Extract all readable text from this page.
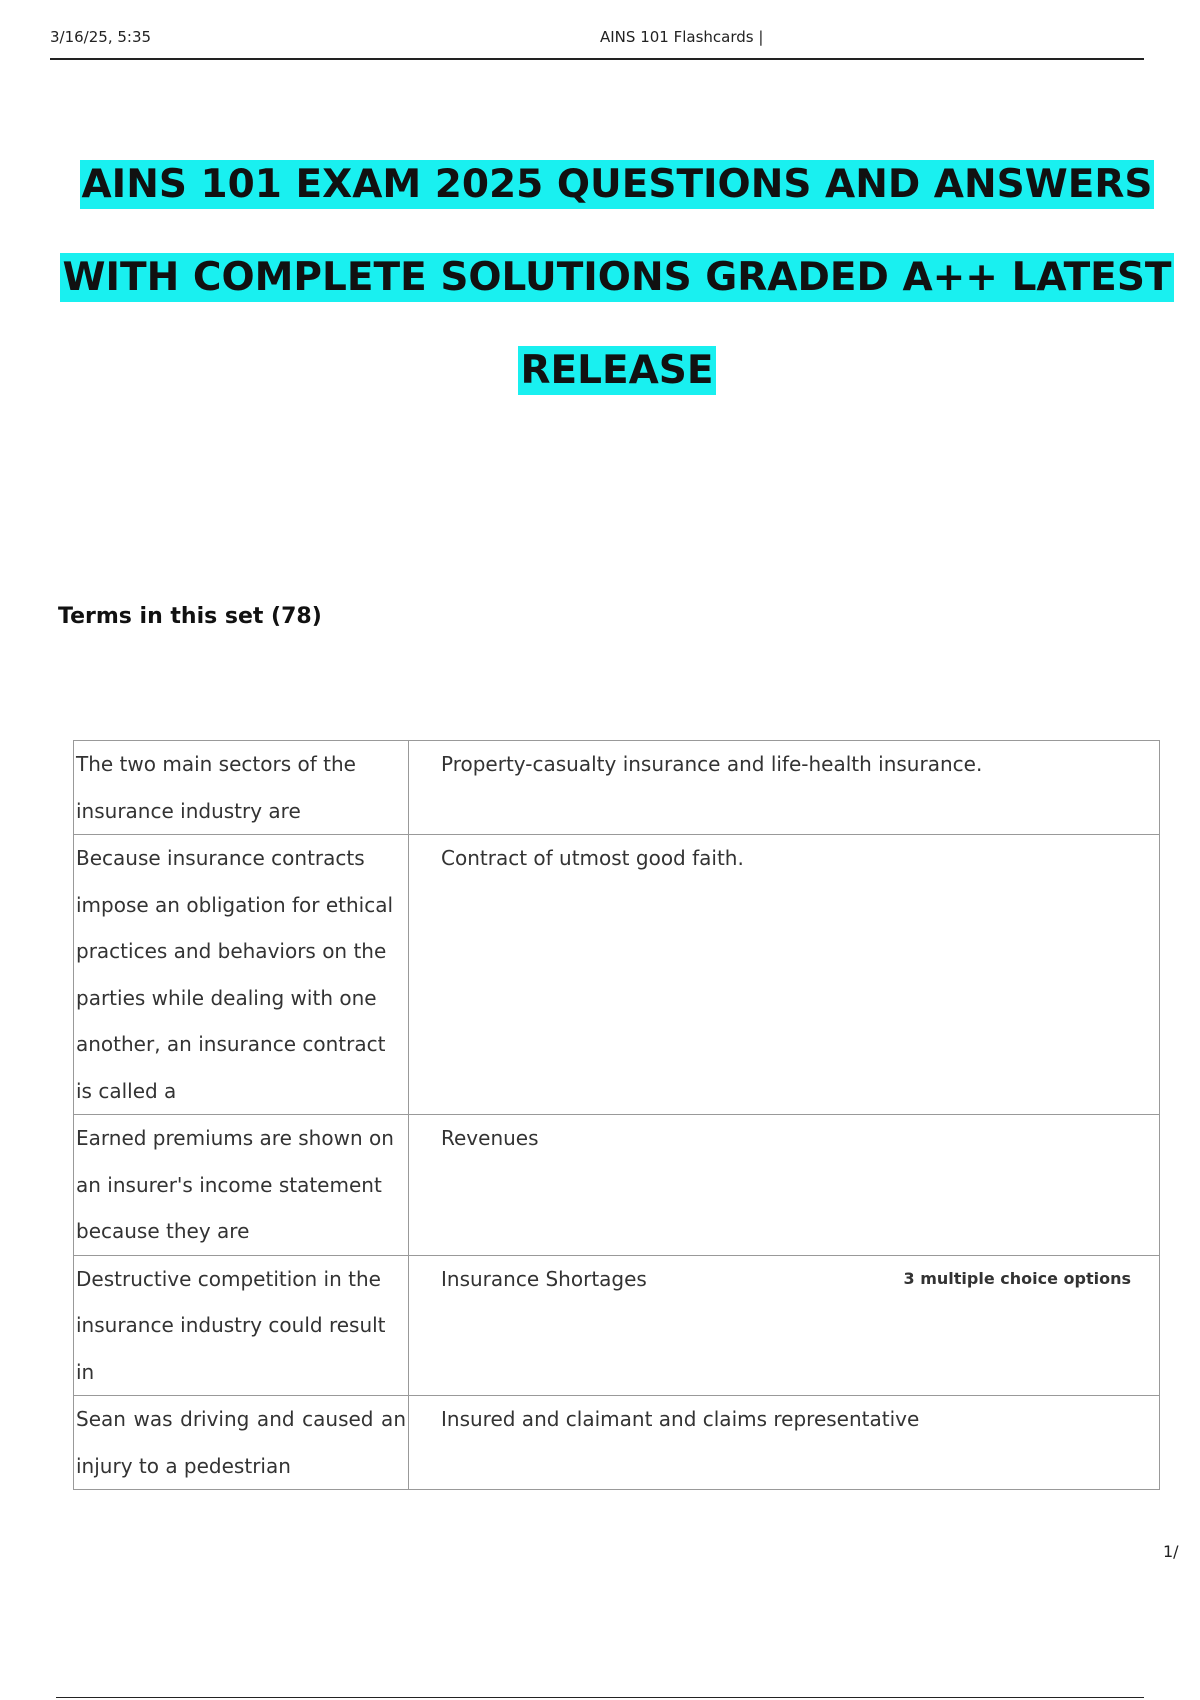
3/16/25, 5:35	AINS 101 Flashcards |
AINS 101 EXAM 2025 QUESTIONS AND ANSWERS
WITH COMPLETE SOLUTIONS GRADED A++ LATEST
RELEASE
Terms in this set (78)
The two main sectors of the insurance industry are	Property-casualty insurance and life-health insurance.
Because insurance contracts impose an obligation for ethical practices and behaviors on the parties while dealing with one another, an insurance contract is called a	Contract of utmost good faith.
Earned premiums are shown on an insurer's income statement because they are	Revenues
Destructive competition in the insurance industry could result in	Insurance Shortages 3 multiple choice options

Sean was driving and caused an injury to a pedestrian	Insured and claimant and claims representative
1/
